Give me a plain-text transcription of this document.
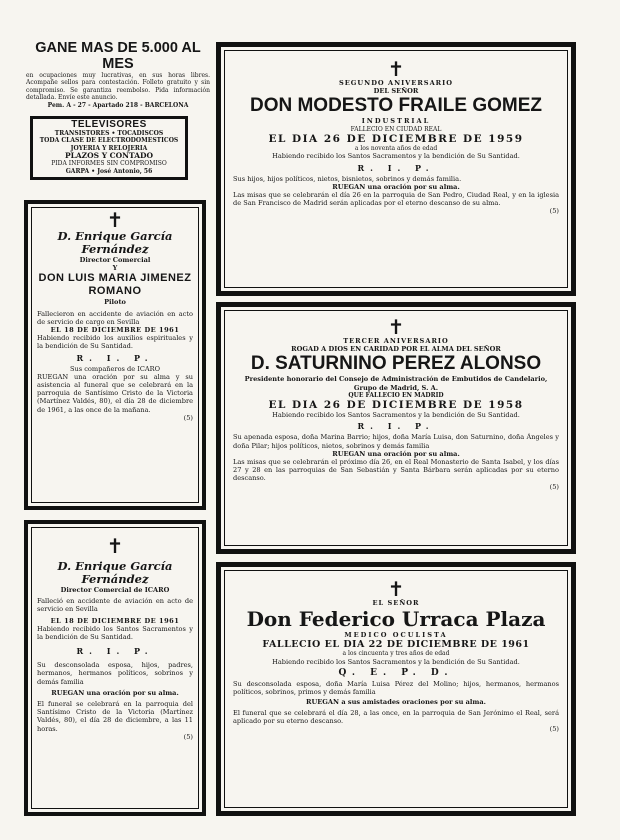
GANE MAS DE 5.000 AL MES
en ocupaciones muy lucrativas, en sus horas libres. Acompañe sellos para contestación. Folleto gratuito y sin compromiso. Se garantiza reembolso. Pida información detallada. Envíe este anuncio.
Pem. A - 27 - Apartado 218 - BARCELONA
TELEVISORES
TRANSISTORES • TOCADISCOS
TODA CLASE DE ELECTRODOMESTICOS
JOYERIA Y RELOJERIA
PLAZOS Y CONTADO
PIDA INFORMES SIN COMPROMISO
GARPA • José Antonio, 56
✝
D. Enrique García Fernández
Director Comercial
Y
DON LUIS MARIA JIMENEZ ROMANO
Piloto
Fallecieron en accidente de aviación en acto de servicio de cargo en Sevilla
EL 18 DE DICIEMBRE DE 1961
Habiendo recibido los auxilios espirituales y la bendición de Su Santidad.
R. I. P.
Sus compañeros de ICARO
RUEGAN una oración por su alma y su asistencia al funeral que se celebrará en la parroquia de Santísimo Cristo de la Victoria (Martínez Valdés, 80), el día 28 de diciembre de 1961, a las once de la mañana.
(5)
✝
D. Enrique García Fernández
Director Comercial de ICARO
Falleció en accidente de aviación en acto de servicio en Sevilla
EL 18 DE DICIEMBRE DE 1961
Habiendo recibido los Santos Sacramentos y la bendición de Su Santidad.
R. I. P.
Su desconsolada esposa, hijos, padres, hermanos, hermanos políticos, sobrinos y demás familia
RUEGAN una oración por su alma.
El funeral se celebrará en la parroquia del Santísimo Cristo de la Victoria (Martínez Valdés, 80), el día 28 de diciembre, a las 11 horas.
(5)
✝
SEGUNDO ANIVERSARIO
DEL SEÑOR
DON MODESTO FRAILE GOMEZ
INDUSTRIAL
FALLECIO EN CIUDAD REAL
EL DIA 26 DE DICIEMBRE DE 1959
a los noventa años de edad
Habiendo recibido los Santos Sacramentos y la bendición de Su Santidad.
R. I. P.
Sus hijos, hijos políticos, nietos, bisnietos, sobrinos y demás familia.
RUEGAN una oración por su alma.
Las misas que se celebrarán el día 26 en la parroquia de San Pedro, Ciudad Real, y en la iglesia de San Francisco de Madrid serán aplicadas por el eterno descanso de su alma.
(5)
✝
TERCER ANIVERSARIO
ROGAD A DIOS EN CARIDAD POR EL ALMA DEL SEÑOR
D. SATURNINO PEREZ ALONSO
Presidente honorario del Consejo de Administración de Embutidos de Candelario, Grupo de Madrid, S. A.
QUE FALLECIO EN MADRID
EL DIA 26 DE DICIEMBRE DE 1958
Habiendo recibido los Santos Sacramentos y la bendición de Su Santidad.
R. I. P.
Su apenada esposa, doña Marina Barrio; hijos, doña María Luisa, don Saturnino, doña Ángeles y doña Pilar; hijos políticos, nietos, sobrinos y demás familia
RUEGAN una oración por su alma.
Las misas que se celebrarán el próximo día 26, en el Real Monasterio de Santa Isabel, y los días 27 y 28 en las parroquias de San Sebastián y Santa Bárbara serán aplicadas por su eterno descanso.
(5)
✝
EL SEÑOR
Don Federico Urraca Plaza
MEDICO OCULISTA
FALLECIO EL DIA 22 DE DICIEMBRE DE 1961
a los cincuenta y tres años de edad
Habiendo recibido los Santos Sacramentos y la bendición de Su Santidad.
Q. E. P. D.
Su desconsolada esposa, doña María Luisa Pérez del Molino; hijos, hermanos, hermanos políticos, sobrinos, primos y demás familia
RUEGAN a sus amistades oraciones por su alma.
El funeral que se celebrará el día 28, a las once, en la parroquia de San Jerónimo el Real, será aplicado por su eterno descanso.
(5)
